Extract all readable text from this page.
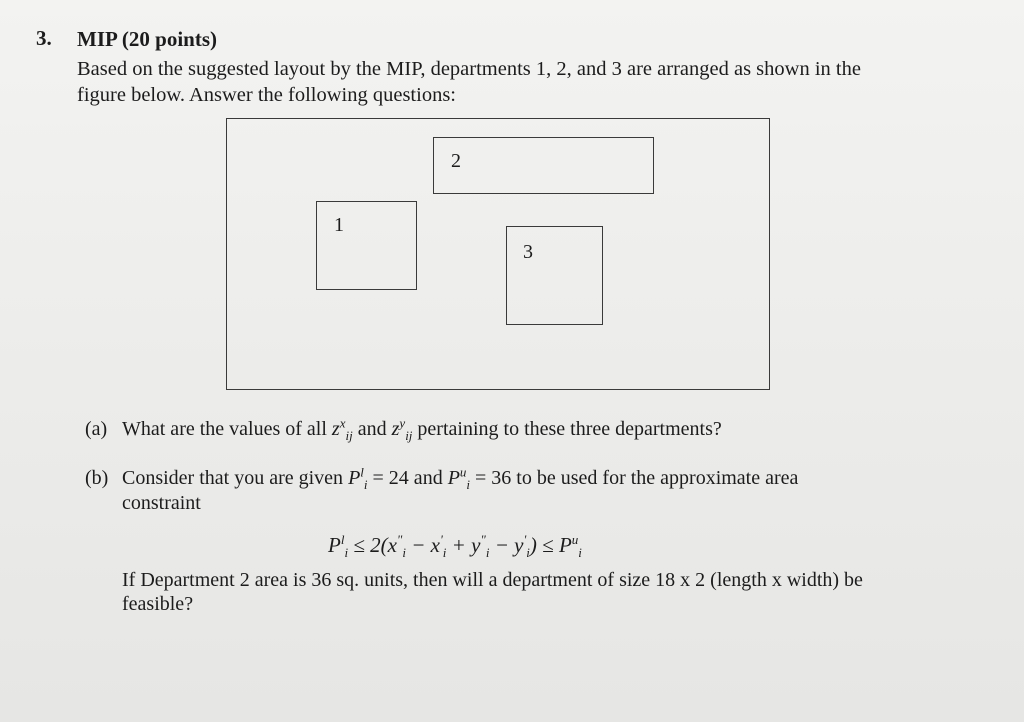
3. MIP (20 points)
Based on the suggested layout by the MIP, departments 1, 2, and 3 are arranged as shown in the
figure below. Answer the following questions:
2
1
3
(a) What are the values of all $z^x_{ij}$ and $z^y_{ij}$ pertaining to these three departments?
(b) Consider that you are given $P^l_i = 24$ and $P^u_i = 36$ to be used for the approximate area
constraint
$P^l_i \le 2(x^"_i - x'_i + y^"_i - y'_i) \le P^u_i$
If Department 2 area is 36 sq. units, then will a department of size 18 x 2 (length x width) be
feasible?
